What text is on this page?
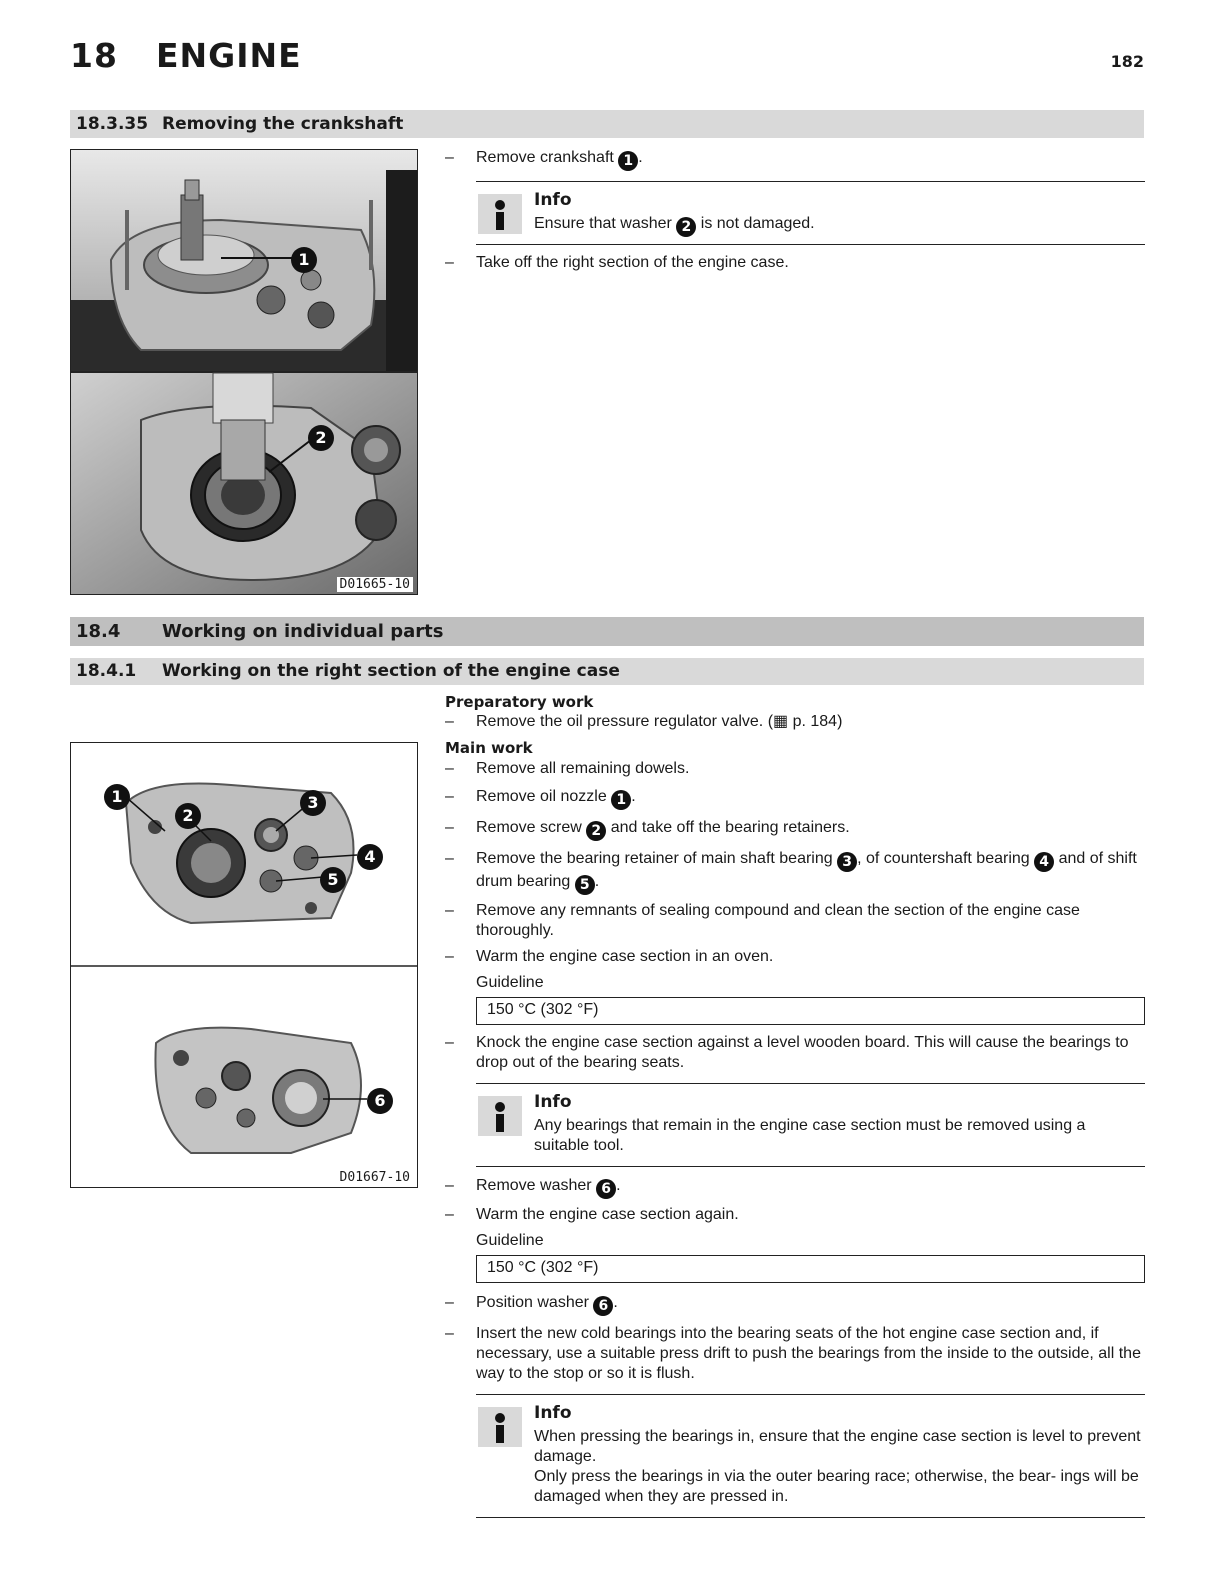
18 ENGINE	182
18.3.35 Removing the crankshaft
1
2
D01665-10
– Remove crankshaft 1 .
Info
Ensure that washer 2 is not damaged.
– Take off the right section of the engine case.
18.4 Working on individual parts
18.4.1 Working on the right section of the engine case
1
2
3
4
5
6
D01667-10
Preparatory work
– Remove the oil pressure regulator valve. (▦ p. 184)
Main work
– Remove all remaining dowels.
– Remove oil nozzle 1 .
– Remove screw 2 and take off the bearing retainers.
– Remove the bearing retainer of main shaft bearing 3 , of countershaft bearing 4 and of shift drum bearing 5 .
– Remove any remnants of sealing compound and clean the section of the engine case thoroughly.
– Warm the engine case section in an oven.
Guideline
150 °C (302 °F)
– Knock the engine case section against a level wooden board. This will cause the bearings to drop out of the bearing seats.
Info
Any bearings that remain in the engine case section must be removed using a suitable tool.
– Remove washer 6 .
– Warm the engine case section again.
Guideline
150 °C (302 °F)
– Position washer 6 .
– Insert the new cold bearings into the bearing seats of the hot engine case section and, if necessary, use a suitable press drift to push the bearings from the inside to the outside, all the way to the stop or so it is flush.
Info
When pressing the bearings in, ensure that the engine case section is level to prevent damage.
Only press the bearings in via the outer bearing race; otherwise, the bear- ings will be damaged when they are pressed in.
